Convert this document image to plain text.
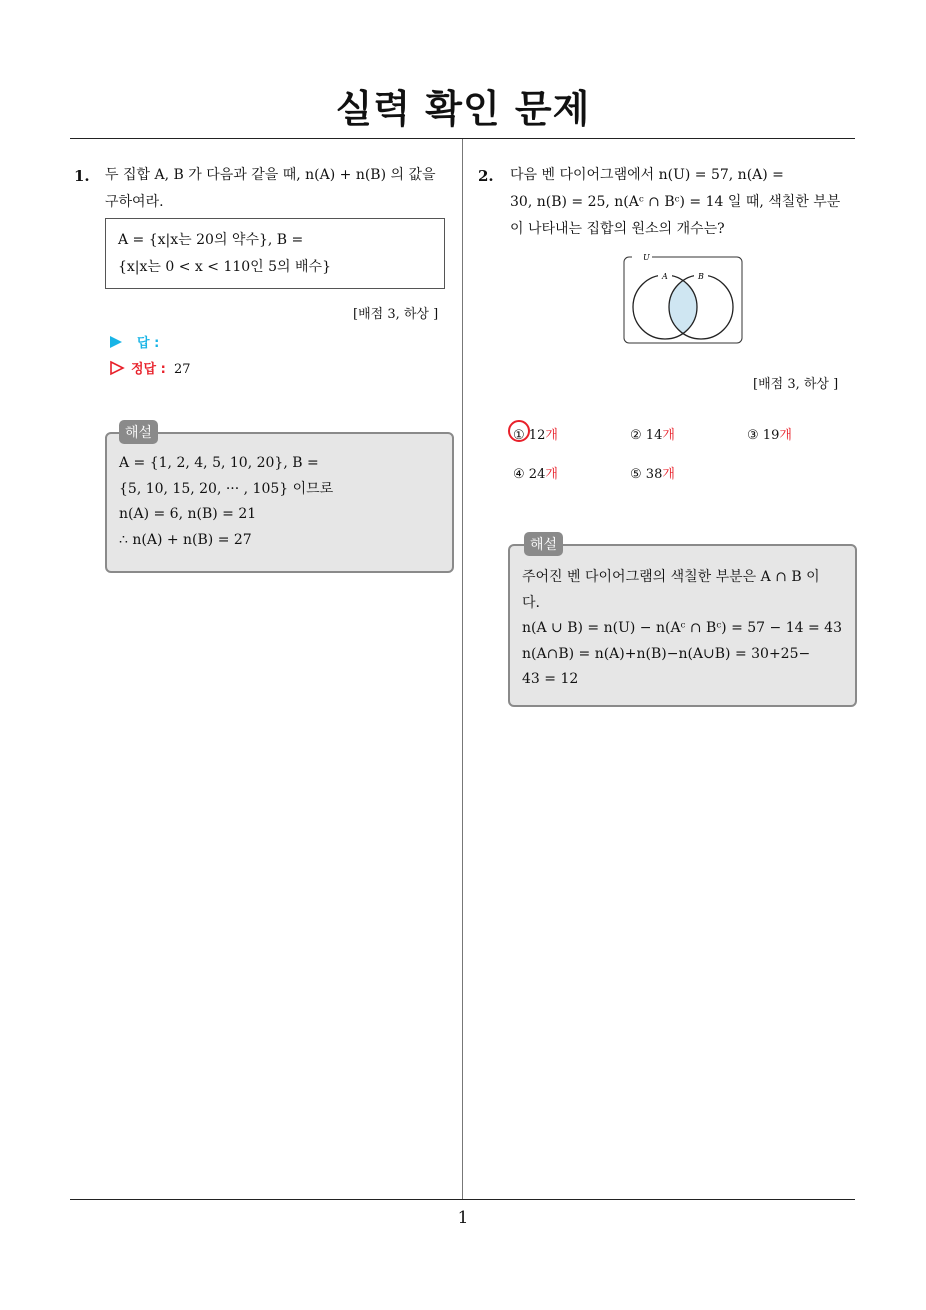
실력 확인 문제
1
1. 두 집합 A, B 가 다음과 같을 때, n(A) + n(B) 의 값을
구하여라.
A = {x|x는 20의 약수}, B =
{x|x는 0 < x < 110인 5의 배수}
[배점 3, 하상 ]
답 :
정답 : 27
A = {1, 2, 4, 5, 10, 20}, B =
{5, 10, 15, 20, ··· , 105} 이므로
n(A) = 6, n(B) = 21
∴ n(A) + n(B) = 27
해설
2. 다음 벤 다이어그램에서 n(U) = 57, n(A) =
30, n(B) = 25, n(Aᶜ ∩ Bᶜ) = 14 일 때, 색칠한 부분
이 나타내는 집합의 원소의 개수는?
U
A	B
[배점 3, 하상 ]
① 12개	② 14개	③ 19개
④ 24개	⑤ 38개
주어진 벤 다이어그램의 색칠한 부분은 A ∩ B 이
다.
n(A ∪ B) = n(U) − n(Aᶜ ∩ Bᶜ) = 57 − 14 = 43
n(A∩B) = n(A)+n(B)−n(A∪B) = 30+25−
43 = 12
해설
